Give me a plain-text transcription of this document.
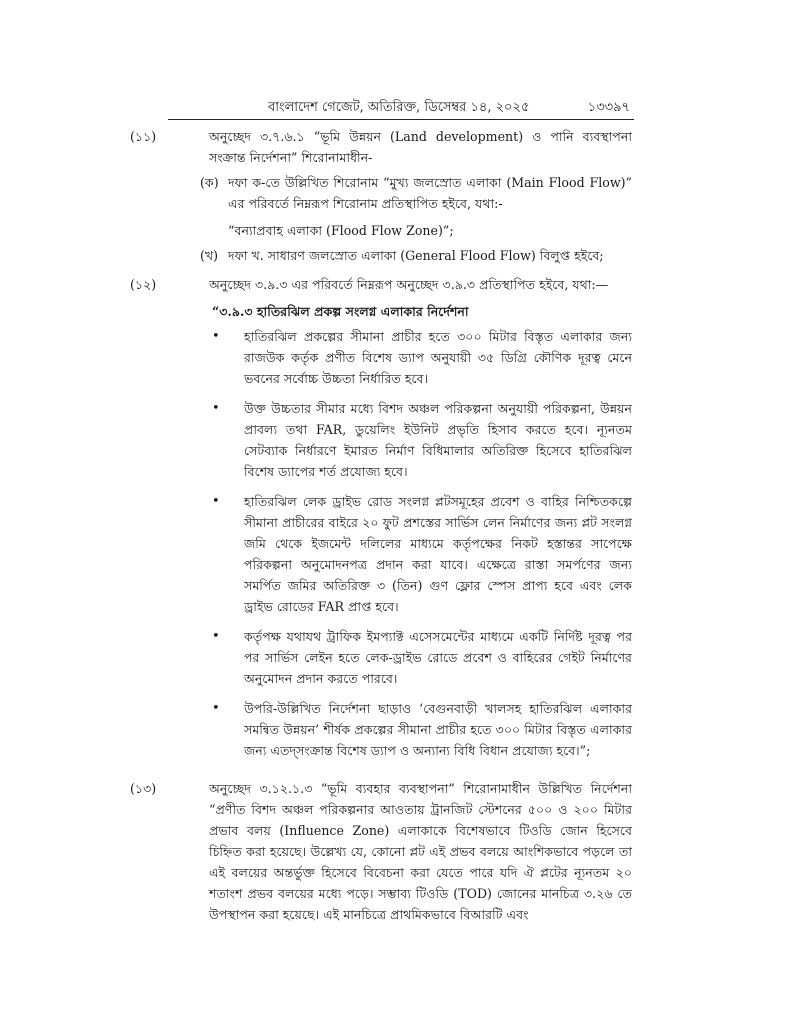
বাংলাদেশ গেজেট, অতিরিক্ত, ডিসেম্বর ১৪, ২০২৫	১৩৩৯৭
(১১)	অনুচ্ছেদ ৩.৭.৬.১ “ভূমি উন্নয়ন (Land development) ও পানি ব্যবস্থাপনা সংক্রান্ত নির্দেশনা” শিরোনামাধীন-
(ক) দফা ক-তে উল্লিখিত শিরোনাম “মুখ্য জলস্রোত এলাকা (Main Flood Flow)” এর পরিবর্তে নিম্নরূপ শিরোনাম প্রতিস্থাপিত হইবে, যথা:-
“বন্যাপ্রবাহ এলাকা (Flood Flow Zone)”;
(খ) দফা খ. সাধারণ জলস্রোত এলাকা (General Flood Flow) বিলুপ্ত হইবে;
(১২)	অনুচ্ছেদ ৩.৯.৩ এর পরিবর্তে নিম্নরূপ অনুচ্ছেদ ৩.৯.৩ প্রতিস্থাপিত হইবে, যথা:—
“৩.৯.৩ হাতিরঝিল প্রকল্প সংলগ্ন এলাকার নির্দেশনা
• হাতিরঝিল প্রকল্পের সীমানা প্রাচীর হতে ৩০০ মিটার বিস্তৃত এলাকার জন্য রাজউক কর্তৃক প্রণীত বিশেষ ড্যাপ অনুযায়ী ৩৫ ডিগ্রি কৌণিক দূরত্ব মেনে ভবনের সর্বোচ্চ উচ্চতা নির্ধারিত হবে।
• উক্ত উচ্চতার সীমার মধ্যে বিশদ অঞ্চল পরিকল্পনা অনুযায়ী পরিকল্পনা, উন্নয়ন প্রাবল্য তথা FAR, ডুয়েলিং ইউনিট প্রভৃতি হিসাব করতে হবে। ন্যূনতম সেটব্যাক নির্ধারণে ইমারত নির্মাণ বিধিমালার অতিরিক্ত হিসেবে হাতিরঝিল বিশেষ ড্যাপের শর্ত প্রযোজ্য হবে।
• হাতিরঝিল লেক ড্রাইভ রোড সংলগ্ন প্লটসমূহের প্রবেশ ও বাহির নিশ্চিতকল্পে সীমানা প্রাচীরের বাইরে ২০ ফুট প্রশস্তের সার্ভিস লেন নির্মাণের জন্য প্লট সংলগ্ন জমি থেকে ইজমেন্ট দলিলের মাধ্যমে কর্তৃপক্ষের নিকট হস্তান্তর সাপেক্ষে পরিকল্পনা অনুমোদনপত্র প্রদান করা যাবে। এক্ষেত্রে রাস্তা সমর্পণের জন্য সমর্পিত জমির অতিরিক্ত ৩ (তিন) গুণ ফ্লোর স্পেস প্রাপ্য হবে এবং লেক ড্রাইভ রোডের FAR প্রাপ্ত হবে।
• কর্তৃপক্ষ যথাযথ ট্রাফিক ইমপ্যাক্ট এসেসমেন্টের মাধ্যমে একটি নির্দিষ্ট দূরত্ব পর পর সার্ভিস লেইন হতে লেক-ড্রাইভ রোডে প্রবেশ ও বাহিরের গেইট নির্মাণের অনুমোদন প্রদান করতে পারবে।
• উপরি-উল্লিখিত নির্দেশনা ছাড়াও ‘বেগুনবাড়ী খালসহ হাতিরঝিল এলাকার সমন্বিত উন্নয়ন’ শীর্ষক প্রকল্পের সীমানা প্রাচীর হতে ৩০০ মিটার বিস্তৃত এলাকার জন্য এতদ্‌সংক্রান্ত বিশেষ ড্যাপ ও অন্যান্য বিধি বিধান প্রযোজ্য হবে।”;
(১৩)	অনুচ্ছেদ ৩.১২.১.৩ “ভূমি ব্যবহার ব্যবস্থাপনা” শিরোনামাধীন উল্লিখিত নির্দেশনা “প্রণীত বিশদ অঞ্চল পরিকল্পনার আওতায় ট্রানজিট স্টেশনের ৫০০ ও ২০০ মিটার প্রভাব বলয় (Influence Zone) এলাকাকে বিশেষভাবে টিওডি জোন হিসেবে চিহ্নিত করা হয়েছে। উল্লেখ্য যে, কোনো প্লট এই প্রভব বলয়ে আংশিকভাবে পড়লে তা এই বলয়ের অন্তর্ভুক্ত হিসেবে বিবেচনা করা যেতে পারে যদি ঐ প্লটের ন্যূনতম ২০ শতাংশ প্রভব বলয়ের মধ্যে পড়ে। সম্ভাব্য টিওডি (TOD) জোনের মানচিত্র ৩.২৬ তে উপস্থাপন করা হয়েছে। এই মানচিত্রে প্রাথমিকভাবে বিআরটি এবং
